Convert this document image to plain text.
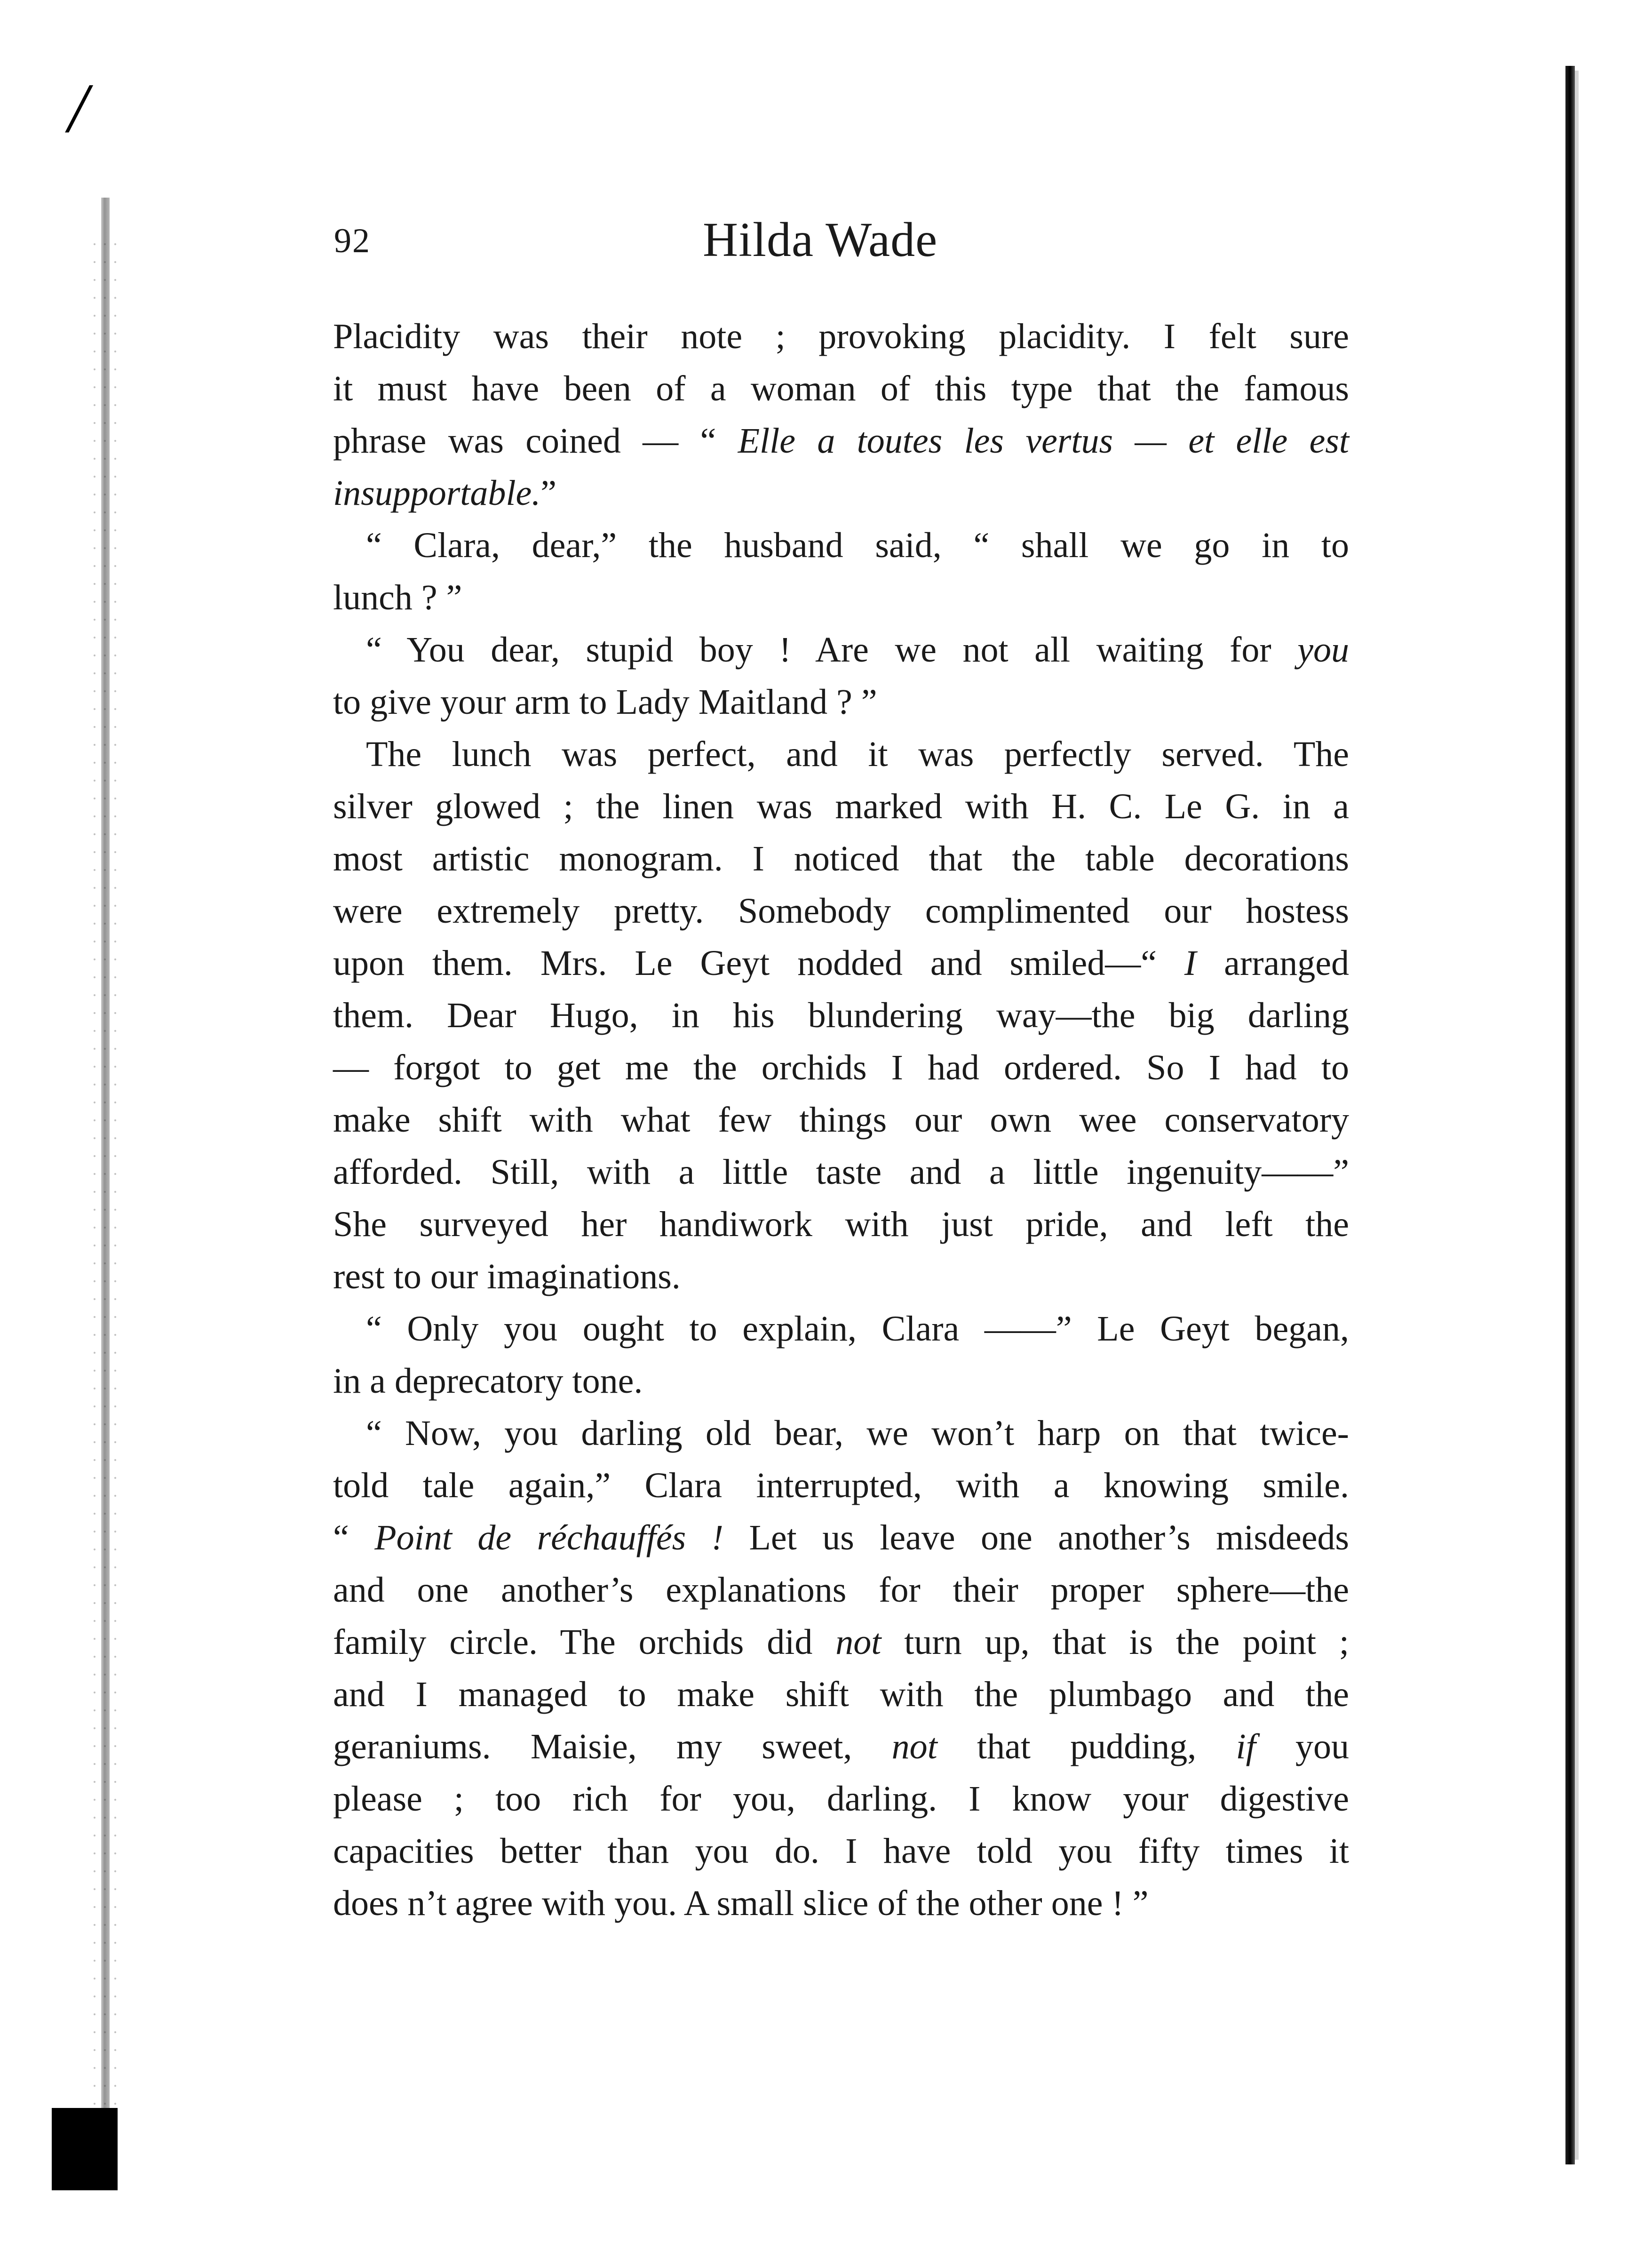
/
92	Hilda Wade
Placidity was their note ; provoking placidity. I felt sure
it must have been of a woman of this type that the famous
phrase was coined — “ Elle a toutes les vertus — et elle est
insupportable.”
“ Clara, dear,” the husband said, “ shall we go in to
lunch ? ”
“ You dear, stupid boy ! Are we not all waiting for you
to give your arm to Lady Maitland ? ”
The lunch was perfect, and it was perfectly served. The
silver glowed ; the linen was marked with H. C. Le G. in a
most artistic monogram. I noticed that the table decorations
were extremely pretty. Somebody complimented our hostess
upon them. Mrs. Le Geyt nodded and smiled—“ I arranged
them. Dear Hugo, in his blundering way—the big darling
— forgot to get me the orchids I had ordered. So I had to
make shift with what few things our own wee conservatory
afforded. Still, with a little taste and a little ingenuity——”
She surveyed her handiwork with just pride, and left the
rest to our imaginations.
“ Only you ought to explain, Clara ——” Le Geyt began,
in a deprecatory tone.
“ Now, you darling old bear, we won’t harp on that twice-
told tale again,” Clara interrupted, with a knowing smile.
“ Point de réchauffés ! Let us leave one another’s misdeeds
and one another’s explanations for their proper sphere—the
family circle. The orchids did not turn up, that is the point ;
and I managed to make shift with the plumbago and the
geraniums. Maisie, my sweet, not that pudding, if you
please ; too rich for you, darling. I know your digestive
capacities better than you do. I have told you fifty times it
does n’t agree with you. A small slice of the other one ! ”
